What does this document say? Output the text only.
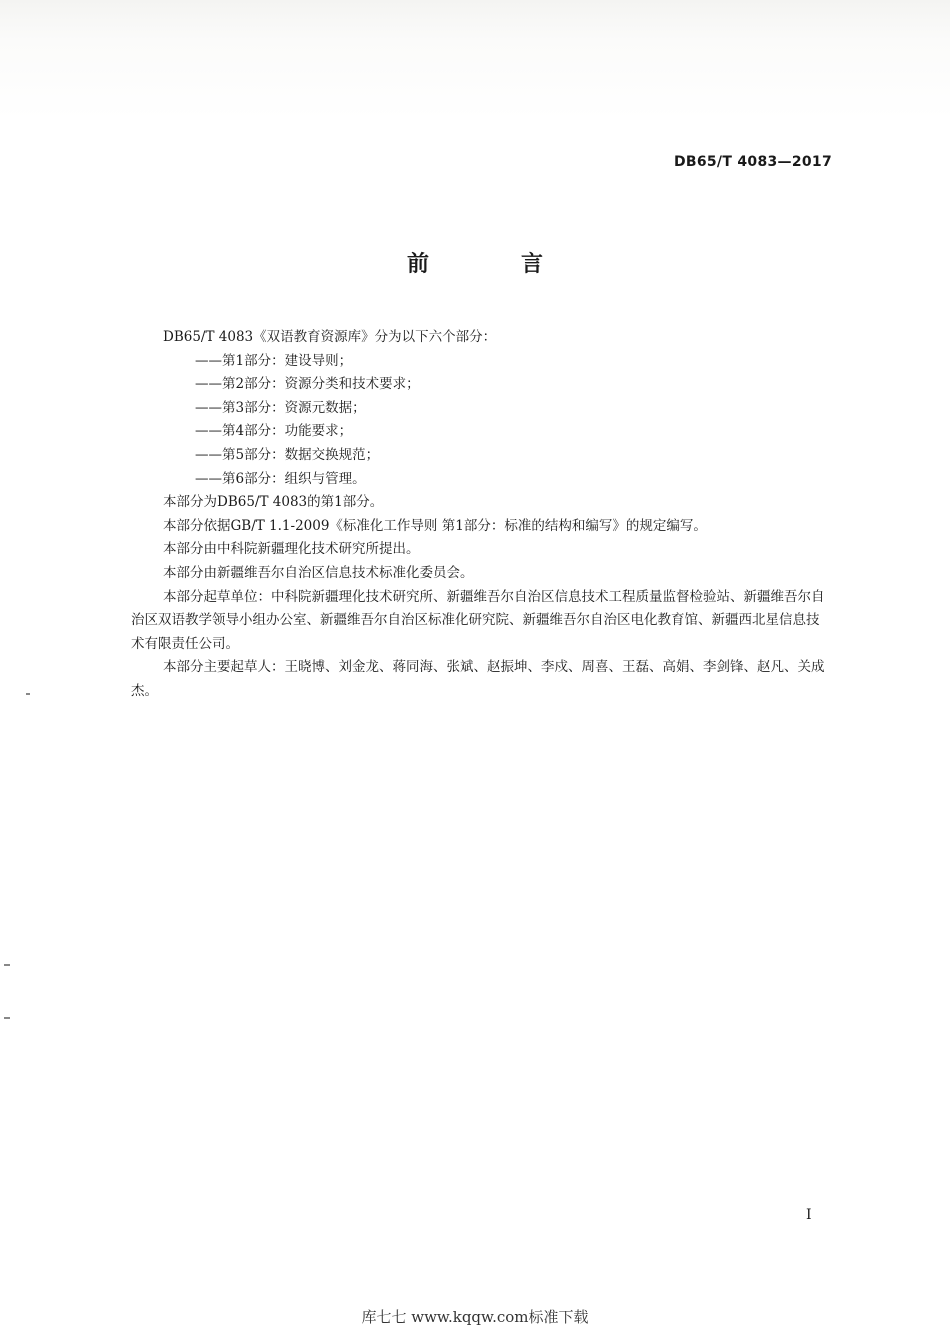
DB65/T 4083—2017
前	言

DB65/T 4083《双语教育资源库》分为以下六个部分：

——第1部分：建设导则；

——第2部分：资源分类和技术要求；

——第3部分：资源元数据；

——第4部分：功能要求；

——第5部分：数据交换规范；

——第6部分：组织与管理。

本部分为DB65/T 4083的第1部分。

本部分依据GB/T 1.1-2009《标准化工作导则 第1部分：标准的结构和编写》的规定编写。

本部分由中科院新疆理化技术研究所提出。

本部分由新疆维吾尔自治区信息技术标准化委员会。

本部分起草单位：中科院新疆理化技术研究所、新疆维吾尔自治区信息技术工程质量监督检验站、新疆维吾尔自治区双语教学领导小组办公室、新疆维吾尔自治区标准化研究院、新疆维吾尔自治区电化教育馆、新疆西北星信息技术有限责任公司。

本部分主要起草人：王晓博、刘金龙、蒋同海、张斌、赵振坤、李戍、周喜、王磊、高娟、李剑锋、赵凡、关成杰。

I
库七七 www.kqqw.com标准下载
